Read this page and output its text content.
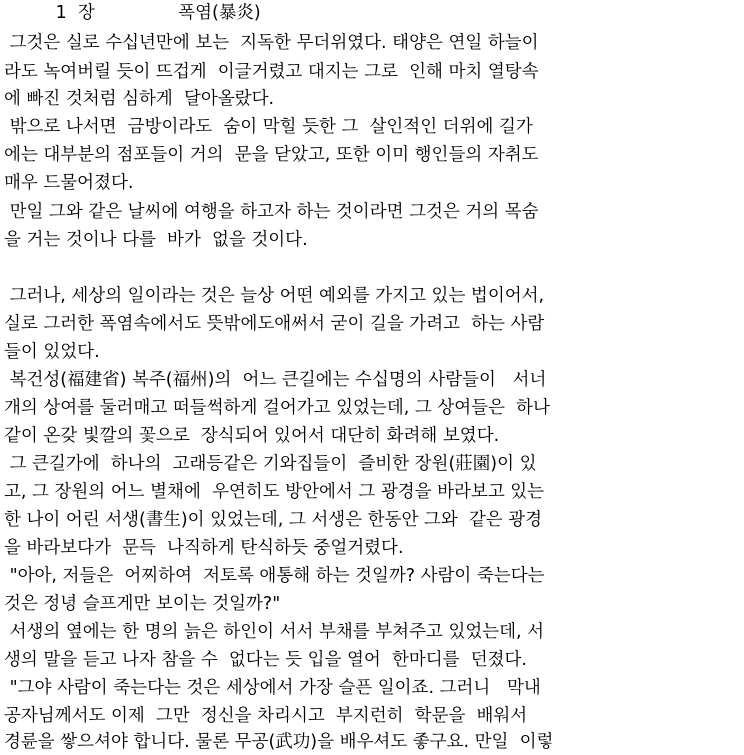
1  장               폭염(暴炎)
그것은 실로 수십년만에 보는  지독한 무더위였다. 태양은 연일 하늘이
라도 녹여버릴 듯이 뜨겁게  이글거렸고 대지는 그로  인해 마치 열탕속
에 빠진 것처럼 심하게  달아올랐다.
밖으로 나서면  금방이라도  숨이 막힐 듯한 그  살인적인 더위에 길가
에는 대부분의 점포들이 거의  문을 닫았고, 또한 이미 행인들의 자취도
매우 드물어졌다.
만일 그와 같은 날씨에 여행을 하고자 하는 것이라면 그것은 거의 목숨
을 거는 것이나 다를  바가  없을 것이다.
그러나, 세상의 일이라는 것은 늘상 어떤 예외를 가지고 있는 법이어서,
실로 그러한 폭염속에서도 뜻밖에도애써서 굳이 길을 가려고  하는 사람
들이 있었다.
복건성(福建省) 복주(福州)의  어느 큰길에는 수십명의 사람들이   서너
개의 상여를 둘러매고 떠들썩하게 걸어가고 있었는데, 그 상여들은  하나
같이 온갖 빛깔의 꽃으로  장식되어 있어서 대단히 화려해 보였다.
그 큰길가에  하나의  고래등같은 기와집들이  즐비한 장원(莊園)이 있
고, 그 장원의 어느 별채에  우연히도 방안에서 그 광경을 바라보고 있는
한 나이 어린 서생(書生)이 있었는데, 그 서생은 한동안 그와  같은 광경
을 바라보다가  문득  나직하게 탄식하듯 중얼거렸다.
"아아, 저들은  어찌하여  저토록 애통해 하는 것일까? 사람이 죽는다는
것은 정녕 슬프게만 보이는 것일까?"
서생의 옆에는 한 명의 늙은 하인이 서서 부채를 부쳐주고 있었는데, 서
생의 말을 듣고 나자 참을 수  없다는 듯 입을 열어  한마디를  던졌다.
"그야 사람이 죽는다는 것은 세상에서 가장 슬픈 일이죠. 그러니   막내
공자님께서도 이제  그만  정신을 차리시고  부지런히  학문을  배워서
경륜을 쌓으셔야 합니다. 물론 무공(武功)을 배우셔도 좋구요. 만일  이렇
